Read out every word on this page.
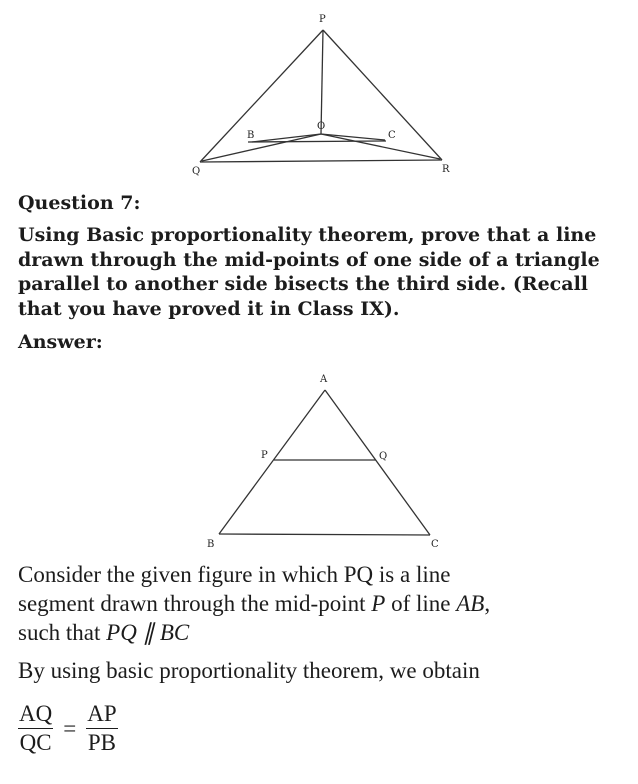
P
Q	R
B
O
C
Question 7:
Using Basic proportionality theorem, prove that a line
drawn through the mid-points of one side of a triangle
parallel to another side bisects the third side. (Recall
that you have proved it in Class IX).
Answer:
A
P	Q
B	C
Consider the given figure in which PQ is a line
segment drawn through the mid-point P of line AB,
such that PQ ∥ BC
By using basic proportionality theorem, we obtain
$\frac{AQ}{QC} = \frac{AP}{PB}$
